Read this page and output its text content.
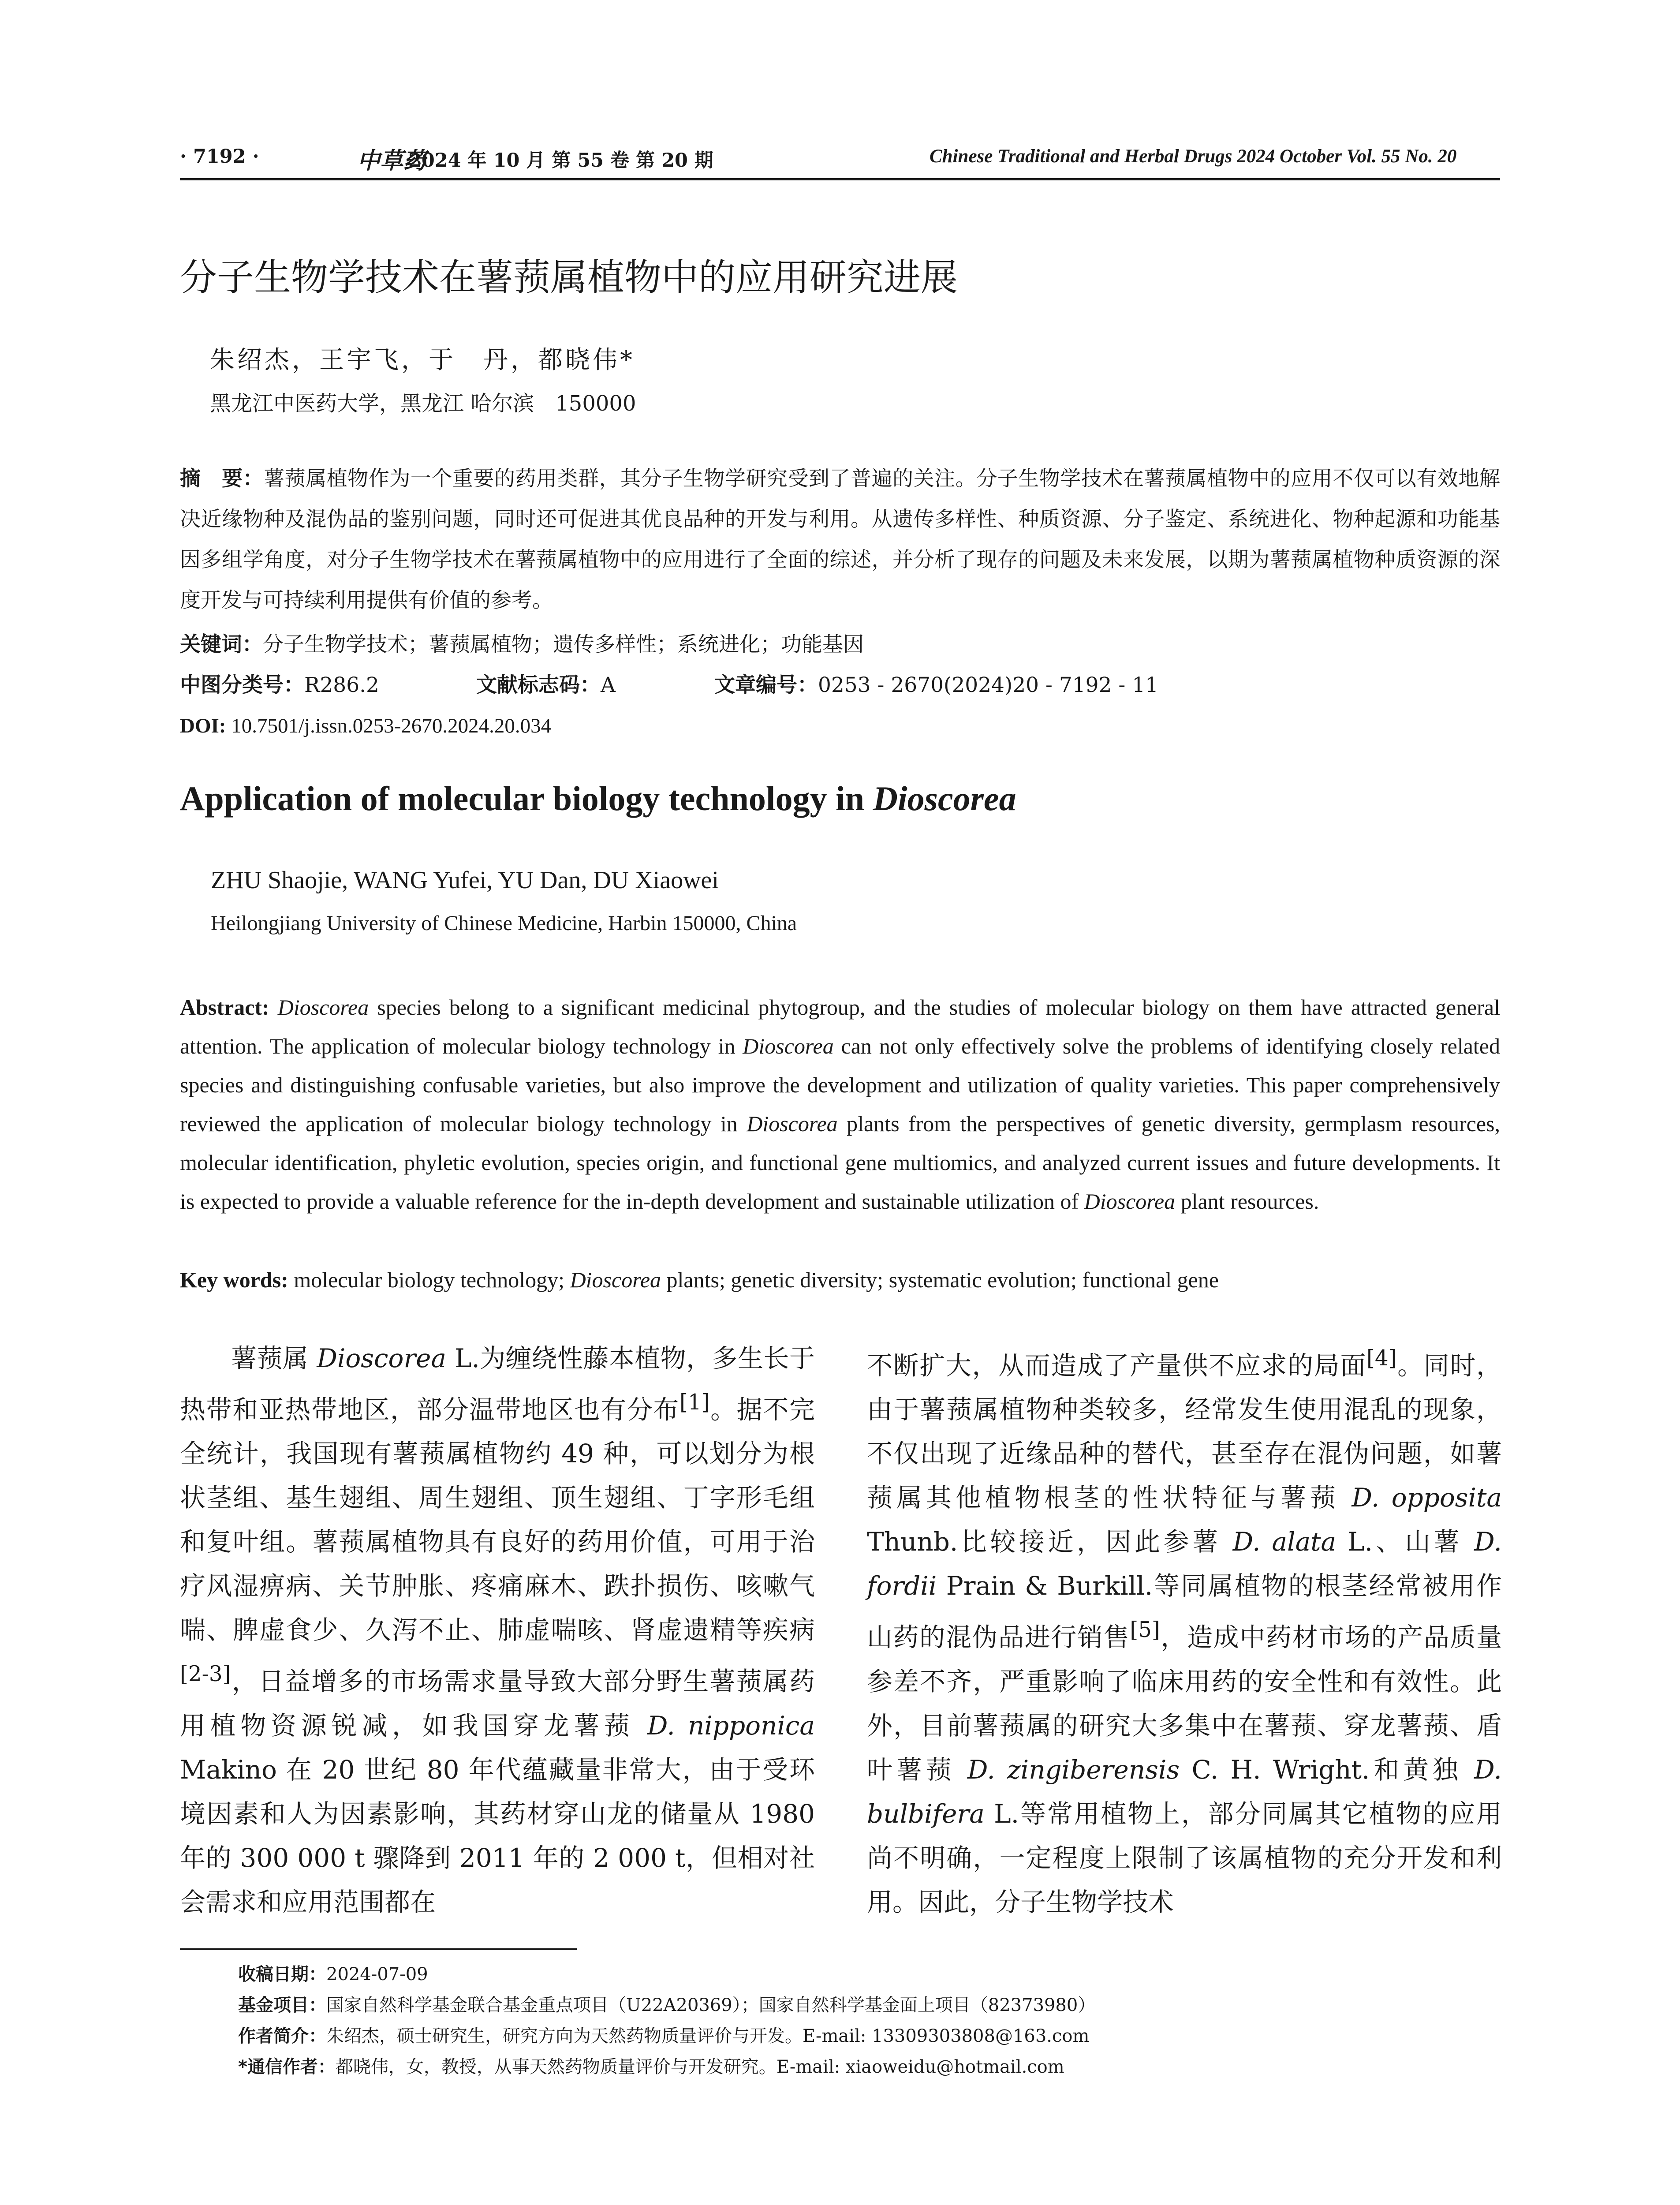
· 7192 ·	中草药
2024 年 10 月 第 55 卷 第 20 期	Chinese Traditional and Herbal Drugs 2024 October Vol. 55 No. 20
分子生物学技术在薯蓣属植物中的应用研究进展
朱绍杰，王宇飞，于　丹，都晓伟*
黑龙江中医药大学，黑龙江 哈尔滨　150000
摘　要：薯蓣属植物作为一个重要的药用类群，其分子生物学研究受到了普遍的关注。分子生物学技术在薯蓣属植物中的应用不仅可以有效地解决近缘物种及混伪品的鉴别问题，同时还可促进其优良品种的开发与利用。从遗传多样性、种质资源、分子鉴定、系统进化、物种起源和功能基因多组学角度，对分子生物学技术在薯蓣属植物中的应用进行了全面的综述，并分析了现存的问题及未来发展，以期为薯蓣属植物种质资源的深度开发与可持续利用提供有价值的参考。
关键词：分子生物学技术；薯蓣属植物；遗传多样性；系统进化；功能基因
中图分类号：R286.2	文献标志码：A	文章编号：0253 - 2670(2024)20 - 7192 - 11
DOI: 10.7501/j.issn.0253-2670.2024.20.034
Application of molecular biology technology in Dioscorea
ZHU Shaojie, WANG Yufei, YU Dan, DU Xiaowei
Heilongjiang University of Chinese Medicine, Harbin 150000, China
Abstract: Dioscorea species belong to a significant medicinal phytogroup, and the studies of molecular biology on them have attracted general attention. The application of molecular biology technology in Dioscorea can not only effectively solve the problems of identifying closely related species and distinguishing confusable varieties, but also improve the development and utilization of quality varieties. This paper comprehensively reviewed the application of molecular biology technology in Dioscorea plants from the perspectives of genetic diversity, germplasm resources, molecular identification, phyletic evolution, species origin, and functional gene multiomics, and analyzed current issues and future developments. It is expected to provide a valuable reference for the in-depth development and sustainable utilization of Dioscorea plant resources.
Key words: molecular biology technology; Dioscorea plants; genetic diversity; systematic evolution; functional gene
薯蓣属 Dioscorea L.为缠绕性藤本植物，多生长于热带和亚热带地区，部分温带地区也有分布[1]。据不完全统计，我国现有薯蓣属植物约 49 种，可以划分为根状茎组、基生翅组、周生翅组、顶生翅组、丁字形毛组和复叶组。薯蓣属植物具有良好的药用价值，可用于治疗风湿痹病、关节肿胀、疼痛麻木、跌扑损伤、咳嗽气喘、脾虚食少、久泻不止、肺虚喘咳、肾虚遗精等疾病[2-3]，日益增多的市场需求量导致大部分野生薯蓣属药用植物资源锐减，如我国穿龙薯蓣 D. nipponica Makino 在 20 世纪 80 年代蕴藏量非常大，由于受环境因素和人为因素影响，其药材穿山龙的储量从 1980 年的 300 000 t 骤降到 2011 年的 2 000 t，但相对社会需求和应用范围都在
不断扩大，从而造成了产量供不应求的局面[4]。同时，由于薯蓣属植物种类较多，经常发生使用混乱的现象，不仅出现了近缘品种的替代，甚至存在混伪问题，如薯蓣属其他植物根茎的性状特征与薯蓣 D. opposita Thunb.比较接近，因此参薯 D. alata L.、山薯 D. fordii Prain & Burkill.等同属植物的根茎经常被用作山药的混伪品进行销售[5]，造成中药材市场的产品质量参差不齐，严重影响了临床用药的安全性和有效性。此外，目前薯蓣属的研究大多集中在薯蓣、穿龙薯蓣、盾叶薯蓣 D. zingiberensis C. H. Wright.和黄独 D. bulbifera L.等常用植物上，部分同属其它植物的应用尚不明确，一定程度上限制了该属植物的充分开发和利用。因此，分子生物学技术
收稿日期：2024-07-09
基金项目：国家自然科学基金联合基金重点项目（U22A20369）；国家自然科学基金面上项目（82373980）
作者简介：朱绍杰，硕士研究生，研究方向为天然药物质量评价与开发。E-mail: 13309303808@163.com
*通信作者：都晓伟，女，教授，从事天然药物质量评价与开发研究。E-mail: xiaoweidu@hotmail.com
